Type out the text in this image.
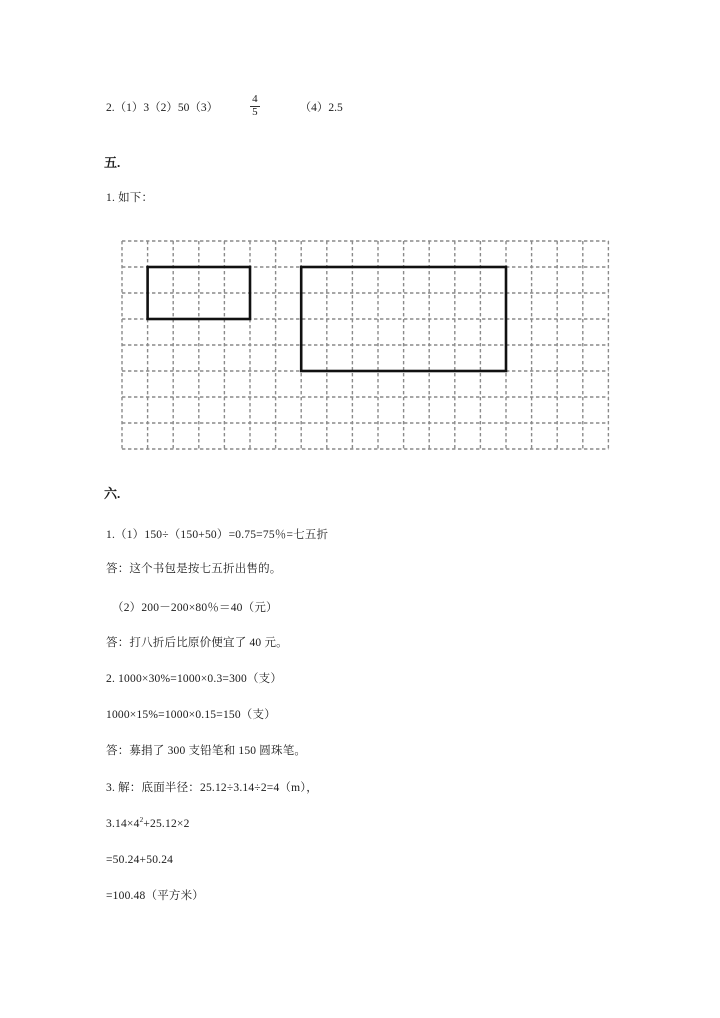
2.（1）3（2）50（3）	$\frac{4}{5}$	（4）2.5
五.
1. 如下：
六.
1.（1）150÷（150+50）=0.75=75％=七五折
答：这个书包是按七五折出售的。
（2）200－200×80％＝40（元）
答：打八折后比原价便宜了 40 元。
2. 1000×30%=1000×0.3=300（支）
1000×15%=1000×0.15=150（支）
答：募捐了 300 支铅笔和 150 圆珠笔。
3. 解：底面半径：25.12÷3.14÷2=4（m），
$3.14\times 4^2+25.12\times 2$
=50.24+50.24
=100.48（平方米）
